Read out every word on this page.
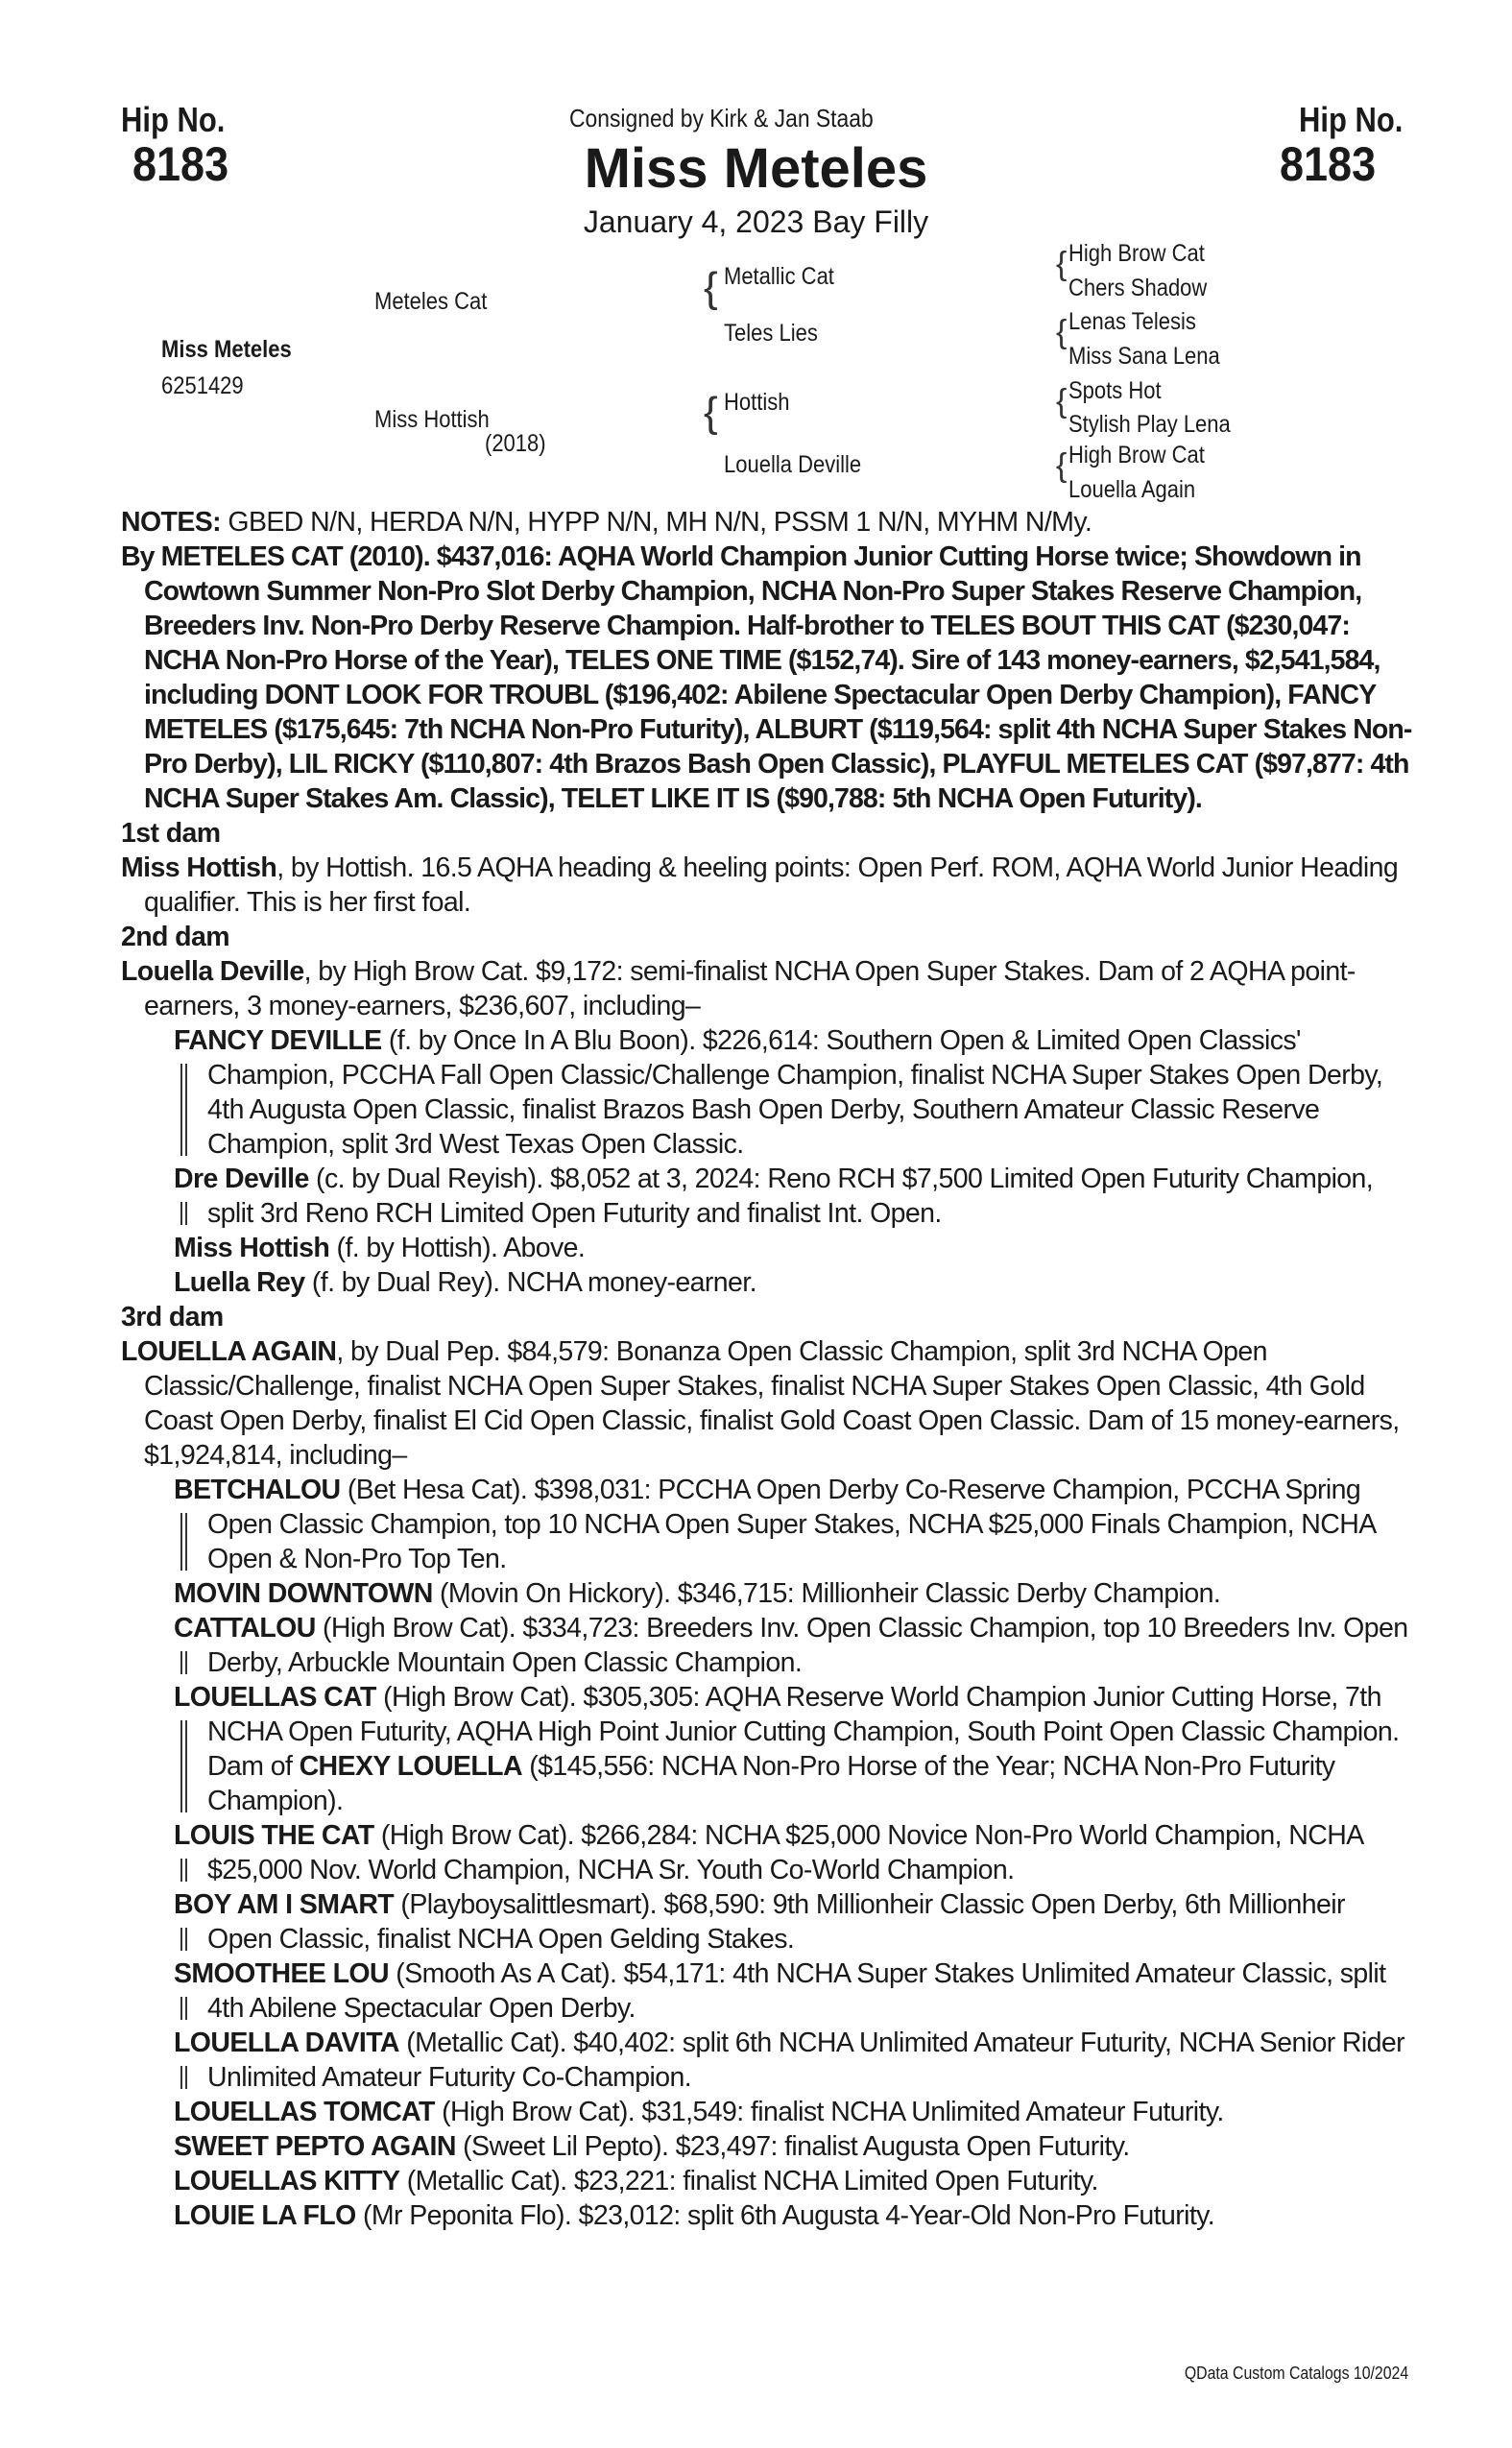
Hip No.
8183
Hip No.
8183
Consigned by Kirk & Jan Staab
Miss Meteles
January 4, 2023 Bay Filly
Miss Meteles
6251429
Meteles Cat
Miss Hottish
(2018)
{ Metallic Cat
Teles Lies
{ Hottish
Louella Deville
{ High Brow Cat
Chers Shadow
{ Lenas Telesis
Miss Sana Lena
{ Spots Hot
Stylish Play Lena
{ High Brow Cat
Louella Again

NOTES: GBED N/N, HERDA N/N, HYPP N/N, MH N/N, PSSM 1 N/N, MYHM N/My.

By METELES CAT (2010). $437,016: AQHA World Champion Junior Cutting Horse twice; Showdown in Cowtown Summer Non-Pro Slot Derby Champion, NCHA Non-Pro Super Stakes Reserve Champion, Breeders Inv. Non-Pro Derby Reserve Champion. Half-brother to TELES BOUT THIS CAT ($230,047: NCHA Non-Pro Horse of the Year), TELES ONE TIME ($152,74). Sire of 143 money-earners, $2,541,584, including DONT LOOK FOR TROUBL ($196,402: Abilene Spectacular Open Derby Champion), FANCY METELES ($175,645: 7th NCHA Non-Pro Futurity), ALBURT ($119,564: split 4th NCHA Super Stakes Non-Pro Derby), LIL RICKY ($110,807: 4th Brazos Bash Open Classic), PLAYFUL METELES CAT ($97,877: 4th NCHA Super Stakes Am. Classic), TELET LIKE IT IS ($90,788: 5th NCHA Open Futurity).

1st dam

Miss Hottish, by Hottish. 16.5 AQHA heading & heeling points: Open Perf. ROM, AQHA World Junior Heading qualifier. This is her first foal.

2nd dam

Louella Deville, by High Brow Cat. $9,172: semi-finalist NCHA Open Super Stakes. Dam of 2 AQHA point-earners, 3 money-earners, $236,607, including–

FANCY DEVILLE (f. by Once In A Blu Boon). $226,614: Southern Open & Limited Open Classics' Champion, PCCHA Fall Open Classic/Challenge Champion, finalist NCHA Super Stakes Open Derby, 4th Augusta Open Classic, finalist Brazos Bash Open Derby, Southern Amateur Classic Reserve Champion, split 3rd West Texas Open Classic.

Dre Deville (c. by Dual Reyish). $8,052 at 3, 2024: Reno RCH $7,500 Limited Open Futurity Champion, split 3rd Reno RCH Limited Open Futurity and finalist Int. Open.

Miss Hottish (f. by Hottish). Above.

Luella Rey (f. by Dual Rey). NCHA money-earner.

3rd dam

LOUELLA AGAIN, by Dual Pep. $84,579: Bonanza Open Classic Champion, split 3rd NCHA Open Classic/Challenge, finalist NCHA Open Super Stakes, finalist NCHA Super Stakes Open Classic, 4th Gold Coast Open Derby, finalist El Cid Open Classic, finalist Gold Coast Open Classic. Dam of 15 money-earners, $1,924,814, including–

BETCHALOU (Bet Hesa Cat). $398,031: PCCHA Open Derby Co-Reserve Champion, PCCHA Spring Open Classic Champion, top 10 NCHA Open Super Stakes, NCHA $25,000 Finals Champion, NCHA Open & Non-Pro Top Ten.

MOVIN DOWNTOWN (Movin On Hickory). $346,715: Millionheir Classic Derby Champion.

CATTALOU (High Brow Cat). $334,723: Breeders Inv. Open Classic Champion, top 10 Breeders Inv. Open Derby, Arbuckle Mountain Open Classic Champion.

LOUELLAS CAT (High Brow Cat). $305,305: AQHA Reserve World Champion Junior Cutting Horse, 7th NCHA Open Futurity, AQHA High Point Junior Cutting Champion, South Point Open Classic Champion. Dam of CHEXY LOUELLA ($145,556: NCHA Non-Pro Horse of the Year; NCHA Non-Pro Futurity Champion).

LOUIS THE CAT (High Brow Cat). $266,284: NCHA $25,000 Novice Non-Pro World Champion, NCHA $25,000 Nov. World Champion, NCHA Sr. Youth Co-World Champion.

BOY AM I SMART (Playboysalittlesmart). $68,590: 9th Millionheir Classic Open Derby, 6th Millionheir Open Classic, finalist NCHA Open Gelding Stakes.

SMOOTHEE LOU (Smooth As A Cat). $54,171: 4th NCHA Super Stakes Unlimited Amateur Classic, split 4th Abilene Spectacular Open Derby.

LOUELLA DAVITA (Metallic Cat). $40,402: split 6th NCHA Unlimited Amateur Futurity, NCHA Senior Rider Unlimited Amateur Futurity Co-Champion.

LOUELLAS TOMCAT (High Brow Cat). $31,549: finalist NCHA Unlimited Amateur Futurity.

SWEET PEPTO AGAIN (Sweet Lil Pepto). $23,497: finalist Augusta Open Futurity.

LOUELLAS KITTY (Metallic Cat). $23,221: finalist NCHA Limited Open Futurity.

LOUIE LA FLO (Mr Peponita Flo). $23,012: split 6th Augusta 4-Year-Old Non-Pro Futurity.

QData Custom Catalogs 10/2024
